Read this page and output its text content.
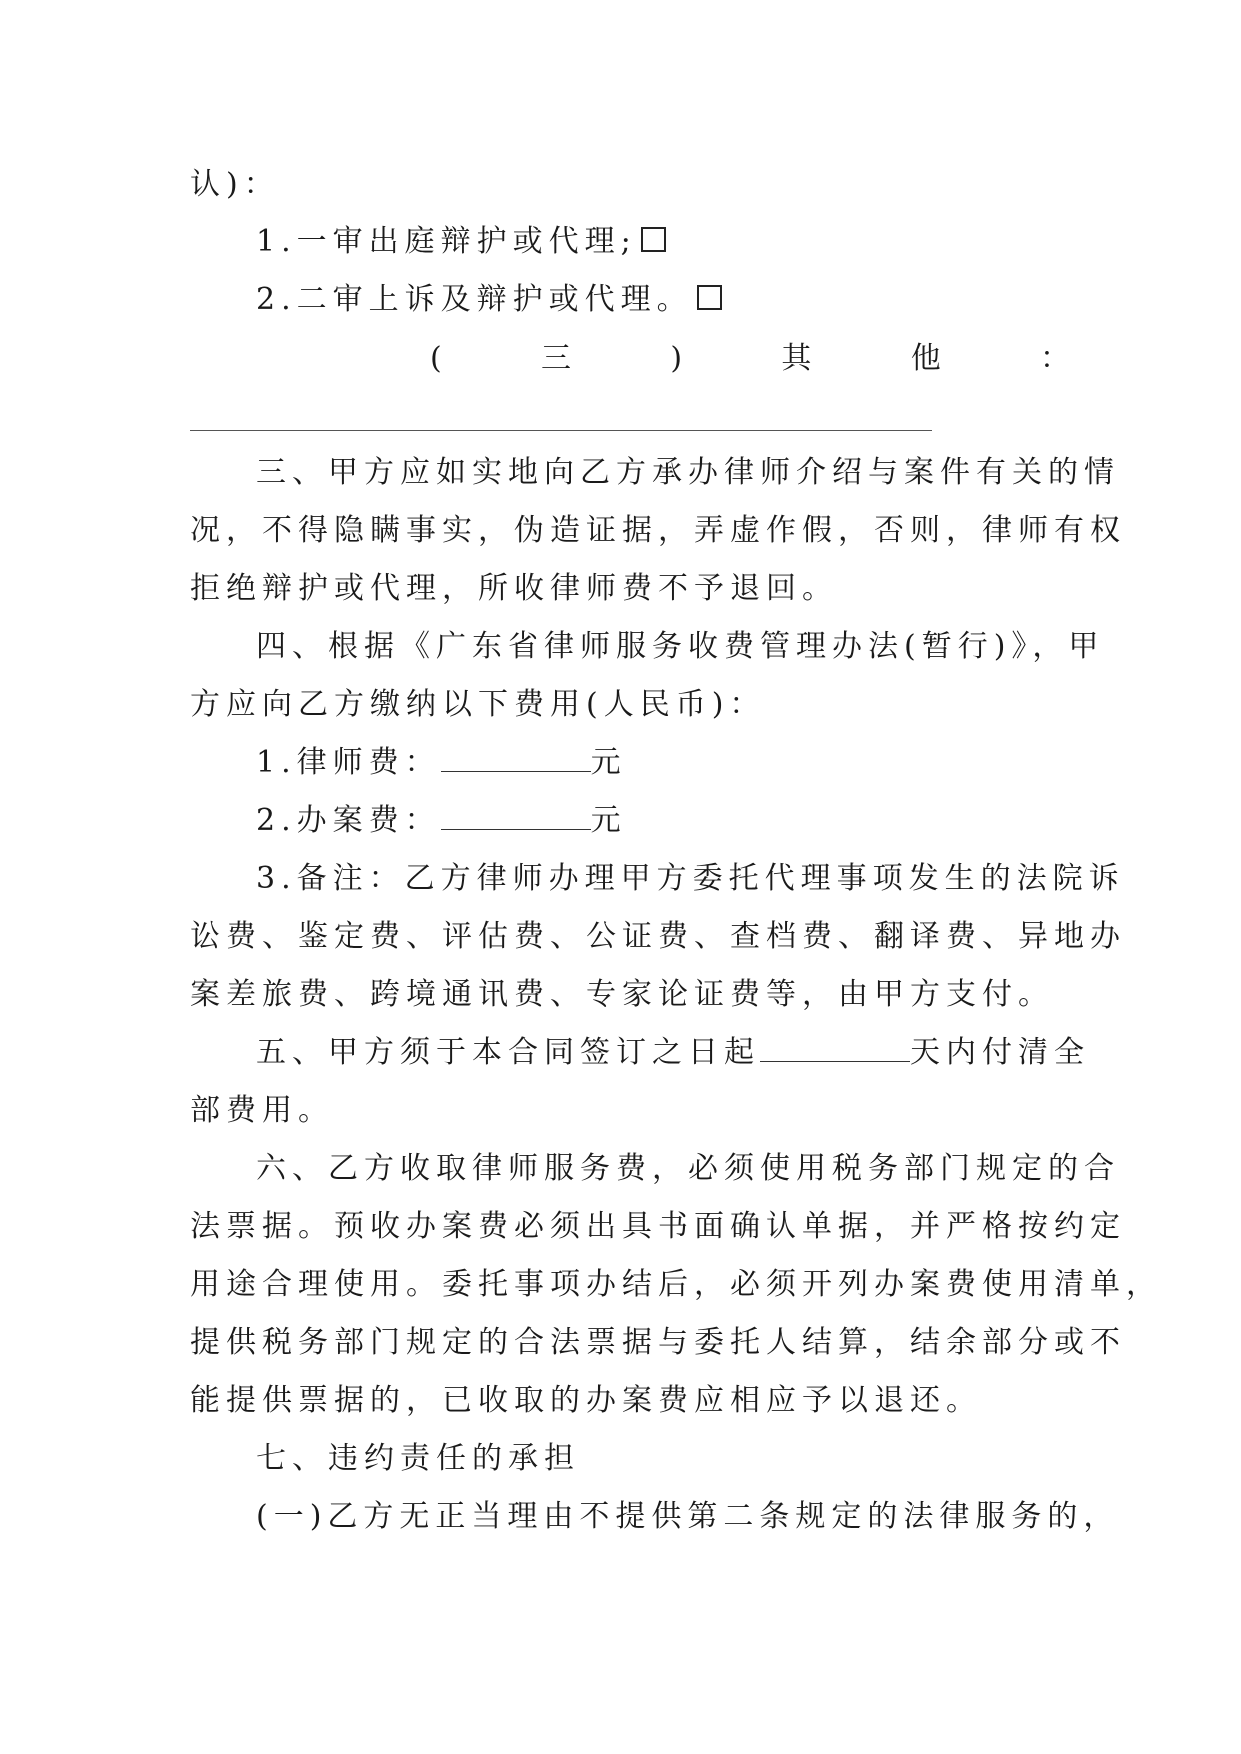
认)：
1.一审出庭辩护或代理;
2.二审上诉及辩护或代理。
(	三	)	其	他	：
三、甲方应如实地向乙方承办律师介绍与案件有关的情
况，不得隐瞒事实，伪造证据，弄虚作假，否则，律师有权
拒绝辩护或代理，所收律师费不予退回。
四、根据《广东省律师服务收费管理办法(暂行)》，甲
方应向乙方缴纳以下费用(人民币)：
1.律师费：	元
2.办案费：	元
3.备注：乙方律师办理甲方委托代理事项发生的法院诉
讼费、鉴定费、评估费、公证费、查档费、翻译费、异地办
案差旅费、跨境通讯费、专家论证费等，由甲方支付。
五、甲方须于本合同签订之日起	天内付清全
部费用。
六、乙方收取律师服务费，必须使用税务部门规定的合
法票据。预收办案费必须出具书面确认单据，并严格按约定
用途合理使用。委托事项办结后，必须开列办案费使用清单，
提供税务部门规定的合法票据与委托人结算，结余部分或不
能提供票据的，已收取的办案费应相应予以退还。
七、违约责任的承担
(一)乙方无正当理由不提供第二条规定的法律服务的，
